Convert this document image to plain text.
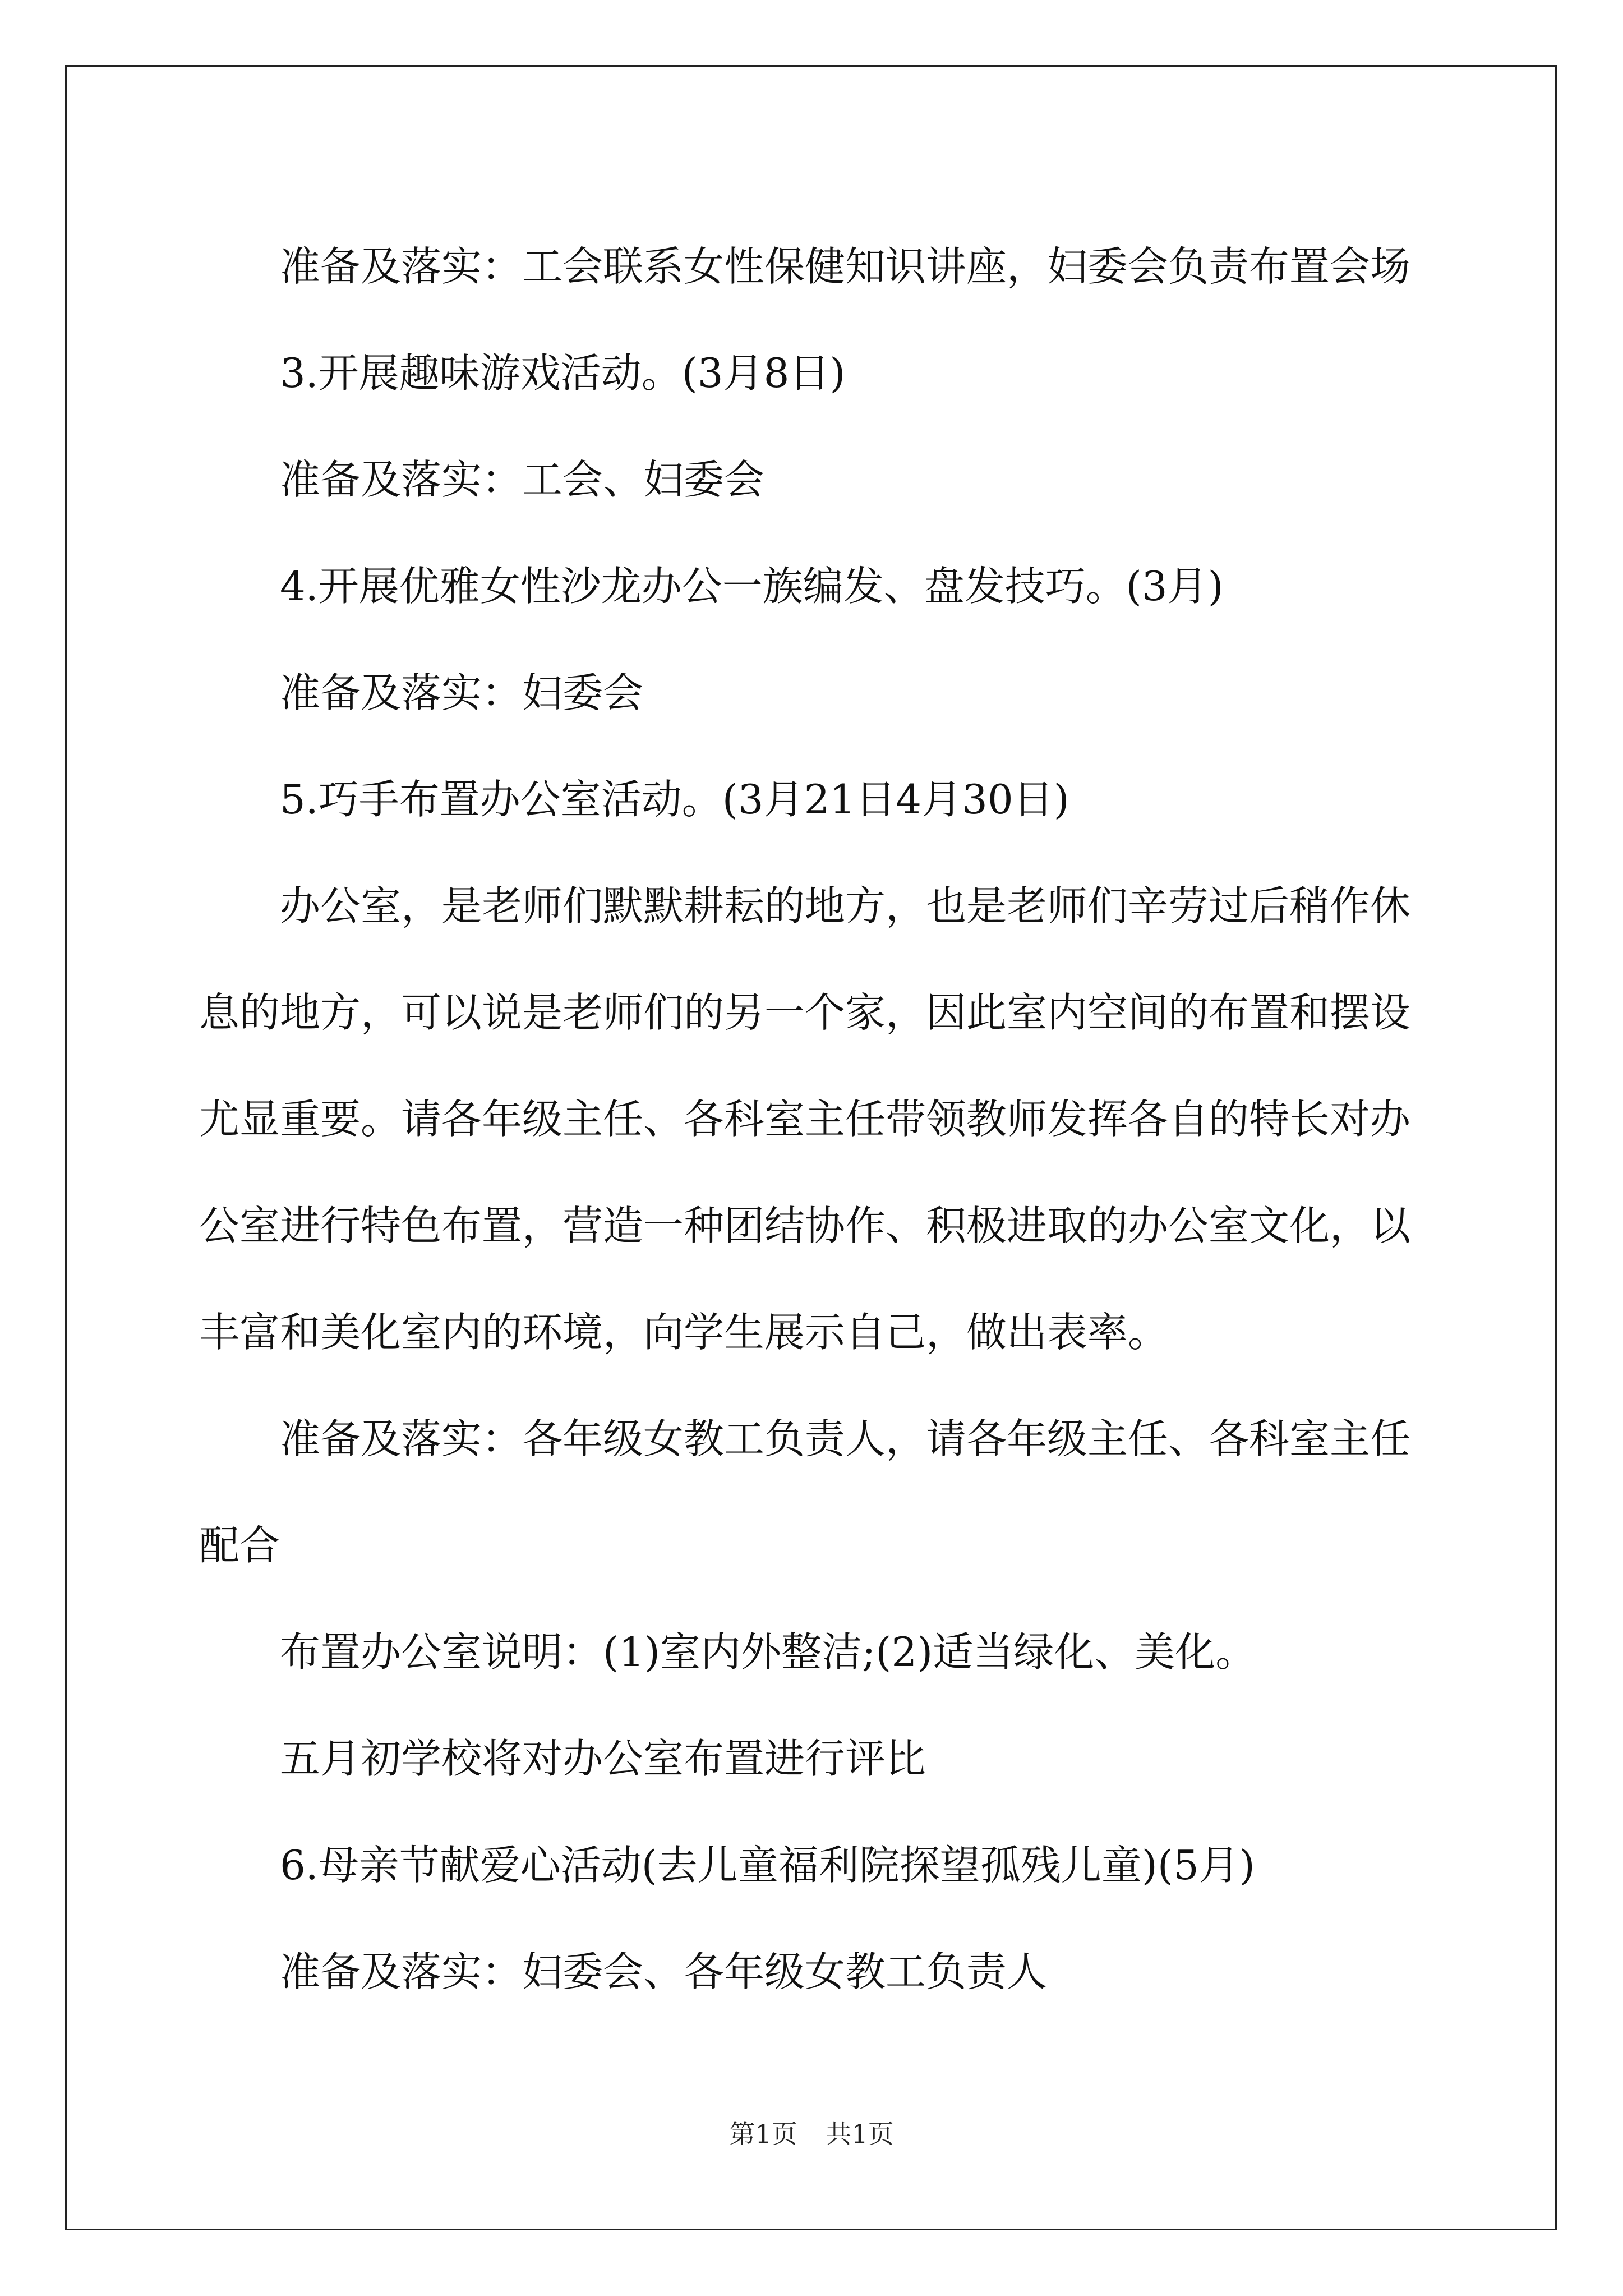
准备及落实：工会联系女性保健知识讲座，妇委会负责布置会场

3.开展趣味游戏活动。(3月8日)

准备及落实：工会、妇委会

4.开展优雅女性沙龙办公一族编发、盘发技巧。(3月)

准备及落实：妇委会

5.巧手布置办公室活动。(3月21日4月30日)

办公室，是老师们默默耕耘的地方，也是老师们辛劳过后稍作休息的地方，可以说是老师们的另一个家，因此室内空间的布置和摆设尤显重要。请各年级主任、各科室主任带领教师发挥各自的特长对办公室进行特色布置，营造一种团结协作、积极进取的办公室文化，以丰富和美化室内的环境，向学生展示自己，做出表率。

准备及落实：各年级女教工负责人，请各年级主任、各科室主任配合

布置办公室说明：(1)室内外整洁;(2)适当绿化、美化。

五月初学校将对办公室布置进行评比

6.母亲节献爱心活动(去儿童福利院探望孤残儿童)(5月)

准备及落实：妇委会、各年级女教工负责人

第1页 共1页
